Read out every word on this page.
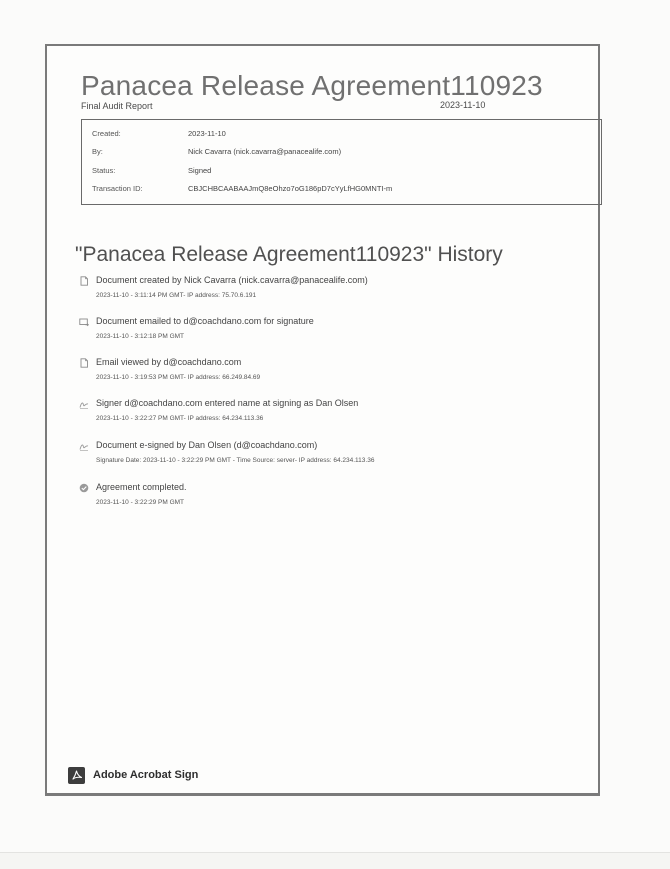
Panacea Release Agreement110923
Final Audit Report	2023-11-10
Created:	2023-11-10
By:	Nick Cavarra (nick.cavarra@panacealife.com)
Status:	Signed
Transaction ID:	CBJCHBCAABAAJmQ8eOhzo7oG186pD7cYyLfHG0MNTI-m
"Panacea Release Agreement110923" History
Document created by Nick Cavarra (nick.cavarra@panacealife.com)
2023-11-10 - 3:11:14 PM GMT- IP address: 75.70.6.191
Document emailed to d@coachdano.com for signature
2023-11-10 - 3:12:18 PM GMT
Email viewed by d@coachdano.com
2023-11-10 - 3:19:53 PM GMT- IP address: 66.249.84.69
Signer d@coachdano.com entered name at signing as Dan Olsen
2023-11-10 - 3:22:27 PM GMT- IP address: 64.234.113.36
Document e-signed by Dan Olsen (d@coachdano.com)
Signature Date: 2023-11-10 - 3:22:29 PM GMT - Time Source: server- IP address: 64.234.113.36
Agreement completed.
2023-11-10 - 3:22:29 PM GMT
Adobe Acrobat Sign
